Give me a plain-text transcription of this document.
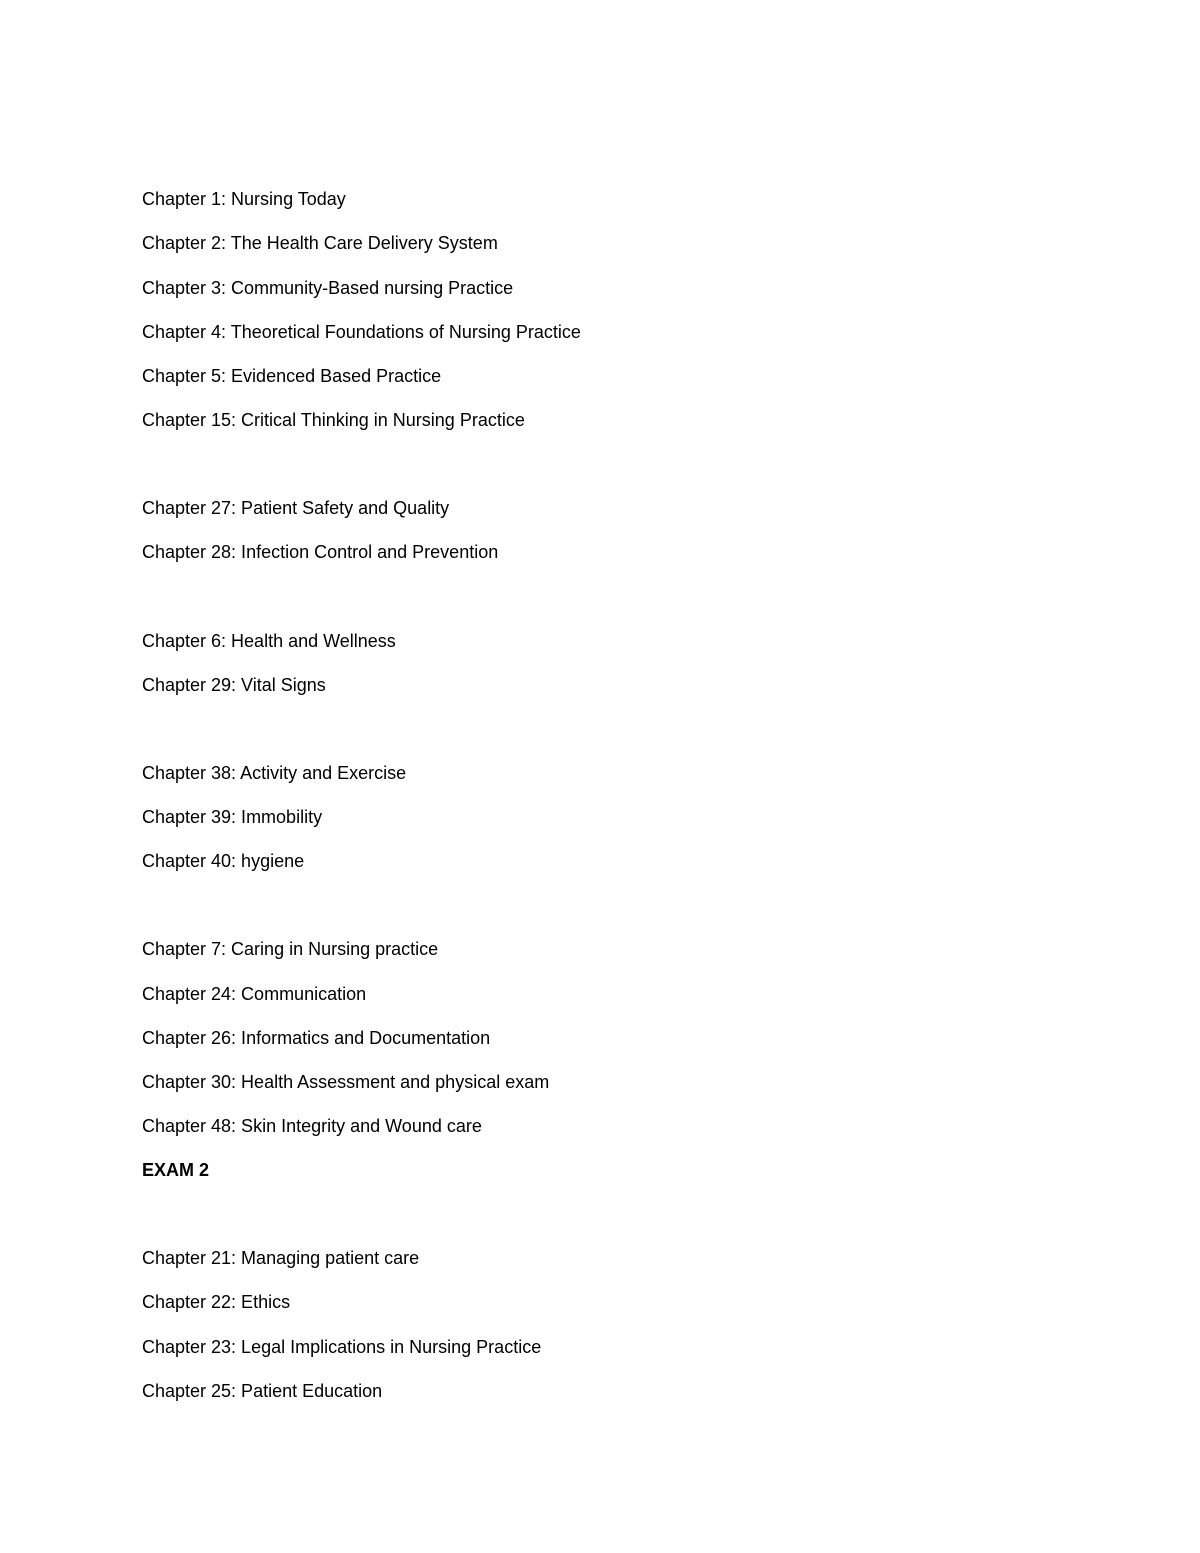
Chapter 1: Nursing Today
Chapter 2: The Health Care Delivery System
Chapter 3: Community-Based nursing Practice
Chapter 4: Theoretical Foundations of Nursing Practice
Chapter 5: Evidenced Based Practice
Chapter 15: Critical Thinking in Nursing Practice
Chapter 27: Patient Safety and Quality
Chapter 28: Infection Control and Prevention
Chapter 6: Health and Wellness
Chapter 29: Vital Signs
Chapter 38: Activity and Exercise
Chapter 39: Immobility
Chapter 40: hygiene
Chapter 7: Caring in Nursing practice
Chapter 24: Communication
Chapter 26: Informatics and Documentation
Chapter 30: Health Assessment and physical exam
Chapter 48: Skin Integrity and Wound care
EXAM 2
Chapter 21: Managing patient care
Chapter 22: Ethics
Chapter 23: Legal Implications in Nursing Practice
Chapter 25: Patient Education
